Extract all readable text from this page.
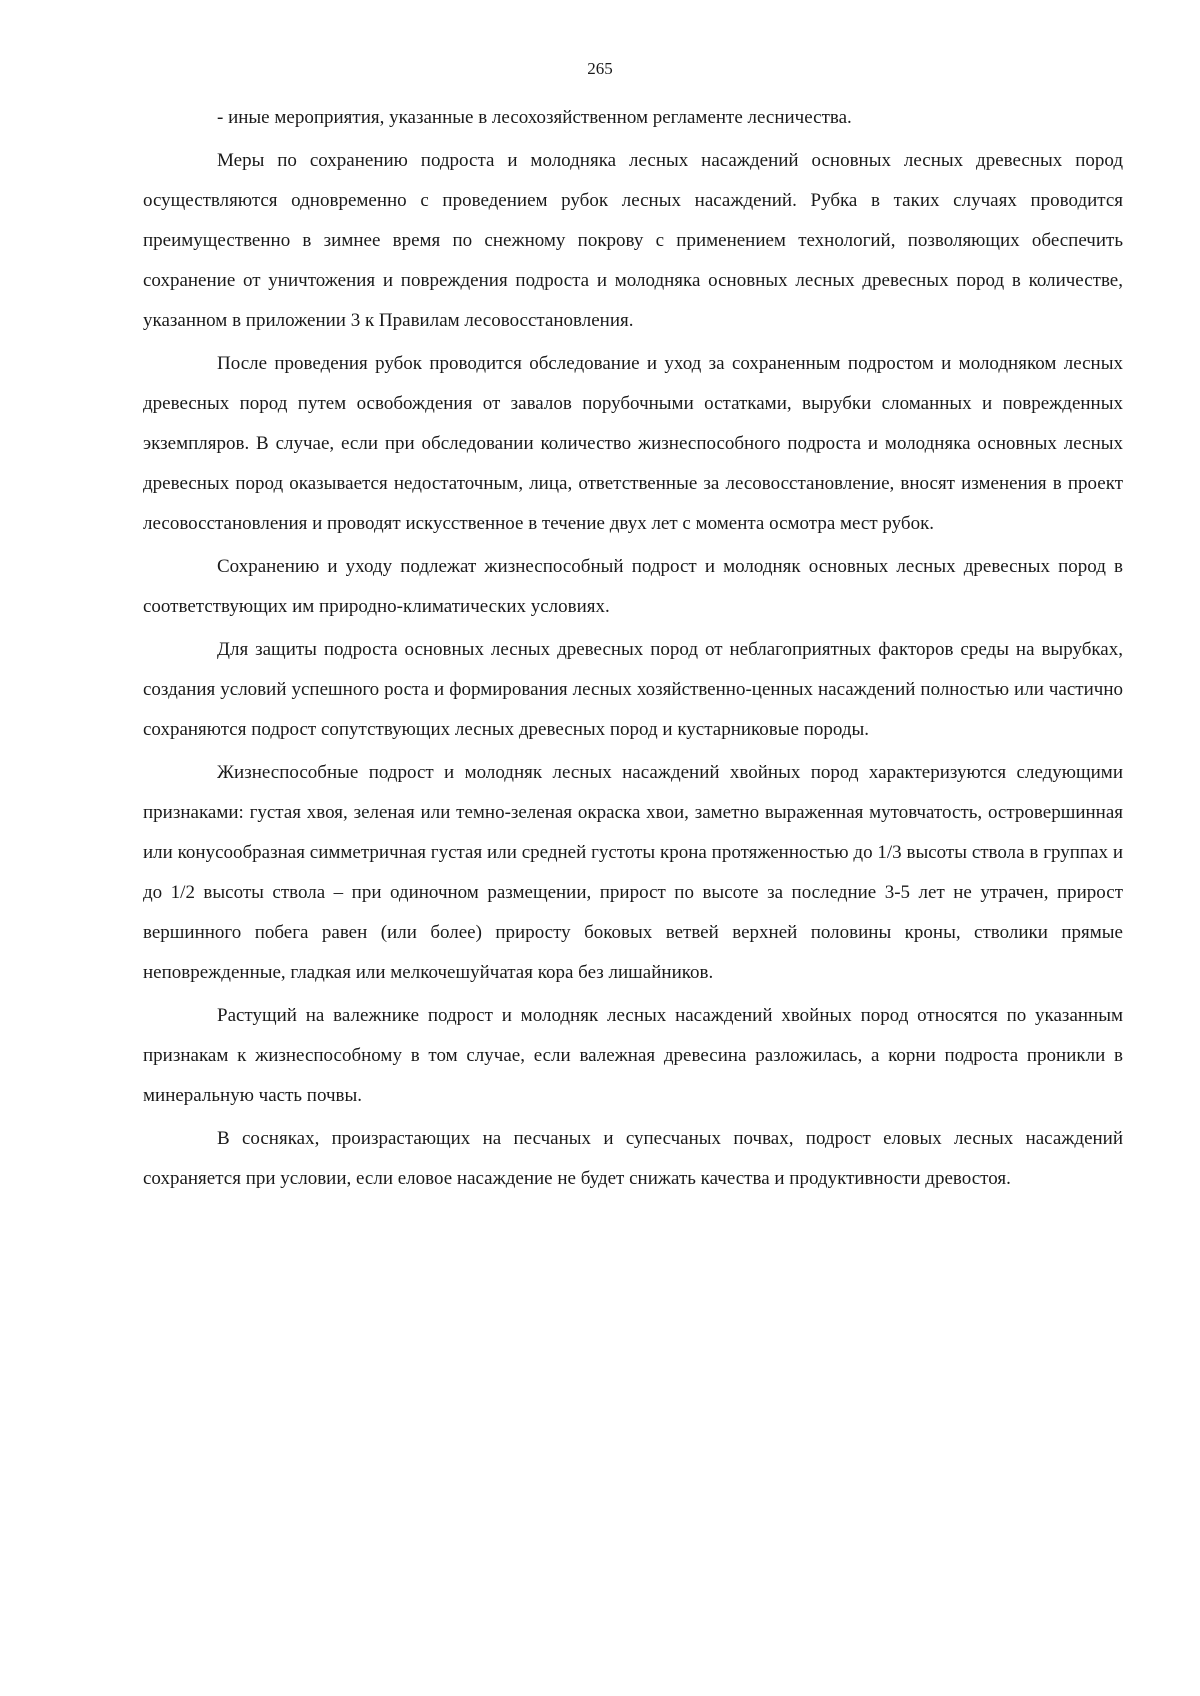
265

- иные мероприятия, указанные в лесохозяйственном регламенте лесничества.

Меры по сохранению подроста и молодняка лесных насаждений основных лесных древесных пород осуществляются одновременно с проведением рубок лесных насаждений. Рубка в таких случаях проводится преимущественно в зимнее время по снежному покрову с применением технологий, позволяющих обеспечить сохранение от уничтожения и повреждения подроста и молодняка основных лесных древесных пород в количестве, указанном в приложении 3 к Правилам лесовосстановления.

После проведения рубок проводится обследование и уход за сохраненным подростом и молодняком лесных древесных пород путем освобождения от завалов порубочными остатками, вырубки сломанных и поврежденных экземпляров. В случае, если при обследовании количество жизнеспособного подроста и молодняка основных лесных древесных пород оказывается недостаточным, лица, ответственные за лесовосстановление, вносят изменения в проект лесовосстановления и проводят искусственное в течение двух лет с момента осмотра мест рубок.

Сохранению и уходу подлежат жизнеспособный подрост и молодняк основных лесных древесных пород в соответствующих им природно-климатических условиях.

Для защиты подроста основных лесных древесных пород от неблагоприятных факторов среды на вырубках, создания условий успешного роста и формирования лесных хозяйственно-ценных насаждений полностью или частично сохраняются подрост сопутствующих лесных древесных пород и кустарниковые породы.

Жизнеспособные подрост и молодняк лесных насаждений хвойных пород характеризуются следующими признаками: густая хвоя, зеленая или темно-зеленая окраска хвои, заметно выраженная мутовчатость, островершинная или конусообразная симметричная густая или средней густоты крона протяженностью до 1/3 высоты ствола в группах и до 1/2 высоты ствола – при одиночном размещении, прирост по высоте за последние 3-5 лет не утрачен, прирост вершинного побега равен (или более) приросту боковых ветвей верхней половины кроны, стволики прямые неповрежденные, гладкая или мелкочешуйчатая кора без лишайников.

Растущий на валежнике подрост и молодняк лесных насаждений хвойных пород относятся по указанным признакам к жизнеспособному в том случае, если валежная древесина разложилась, а корни подроста проникли в минеральную часть почвы.

В сосняках, произрастающих на песчаных и супесчаных почвах, подрост еловых лесных насаждений сохраняется при условии, если еловое насаждение не будет снижать качества и продуктивности древостоя.
